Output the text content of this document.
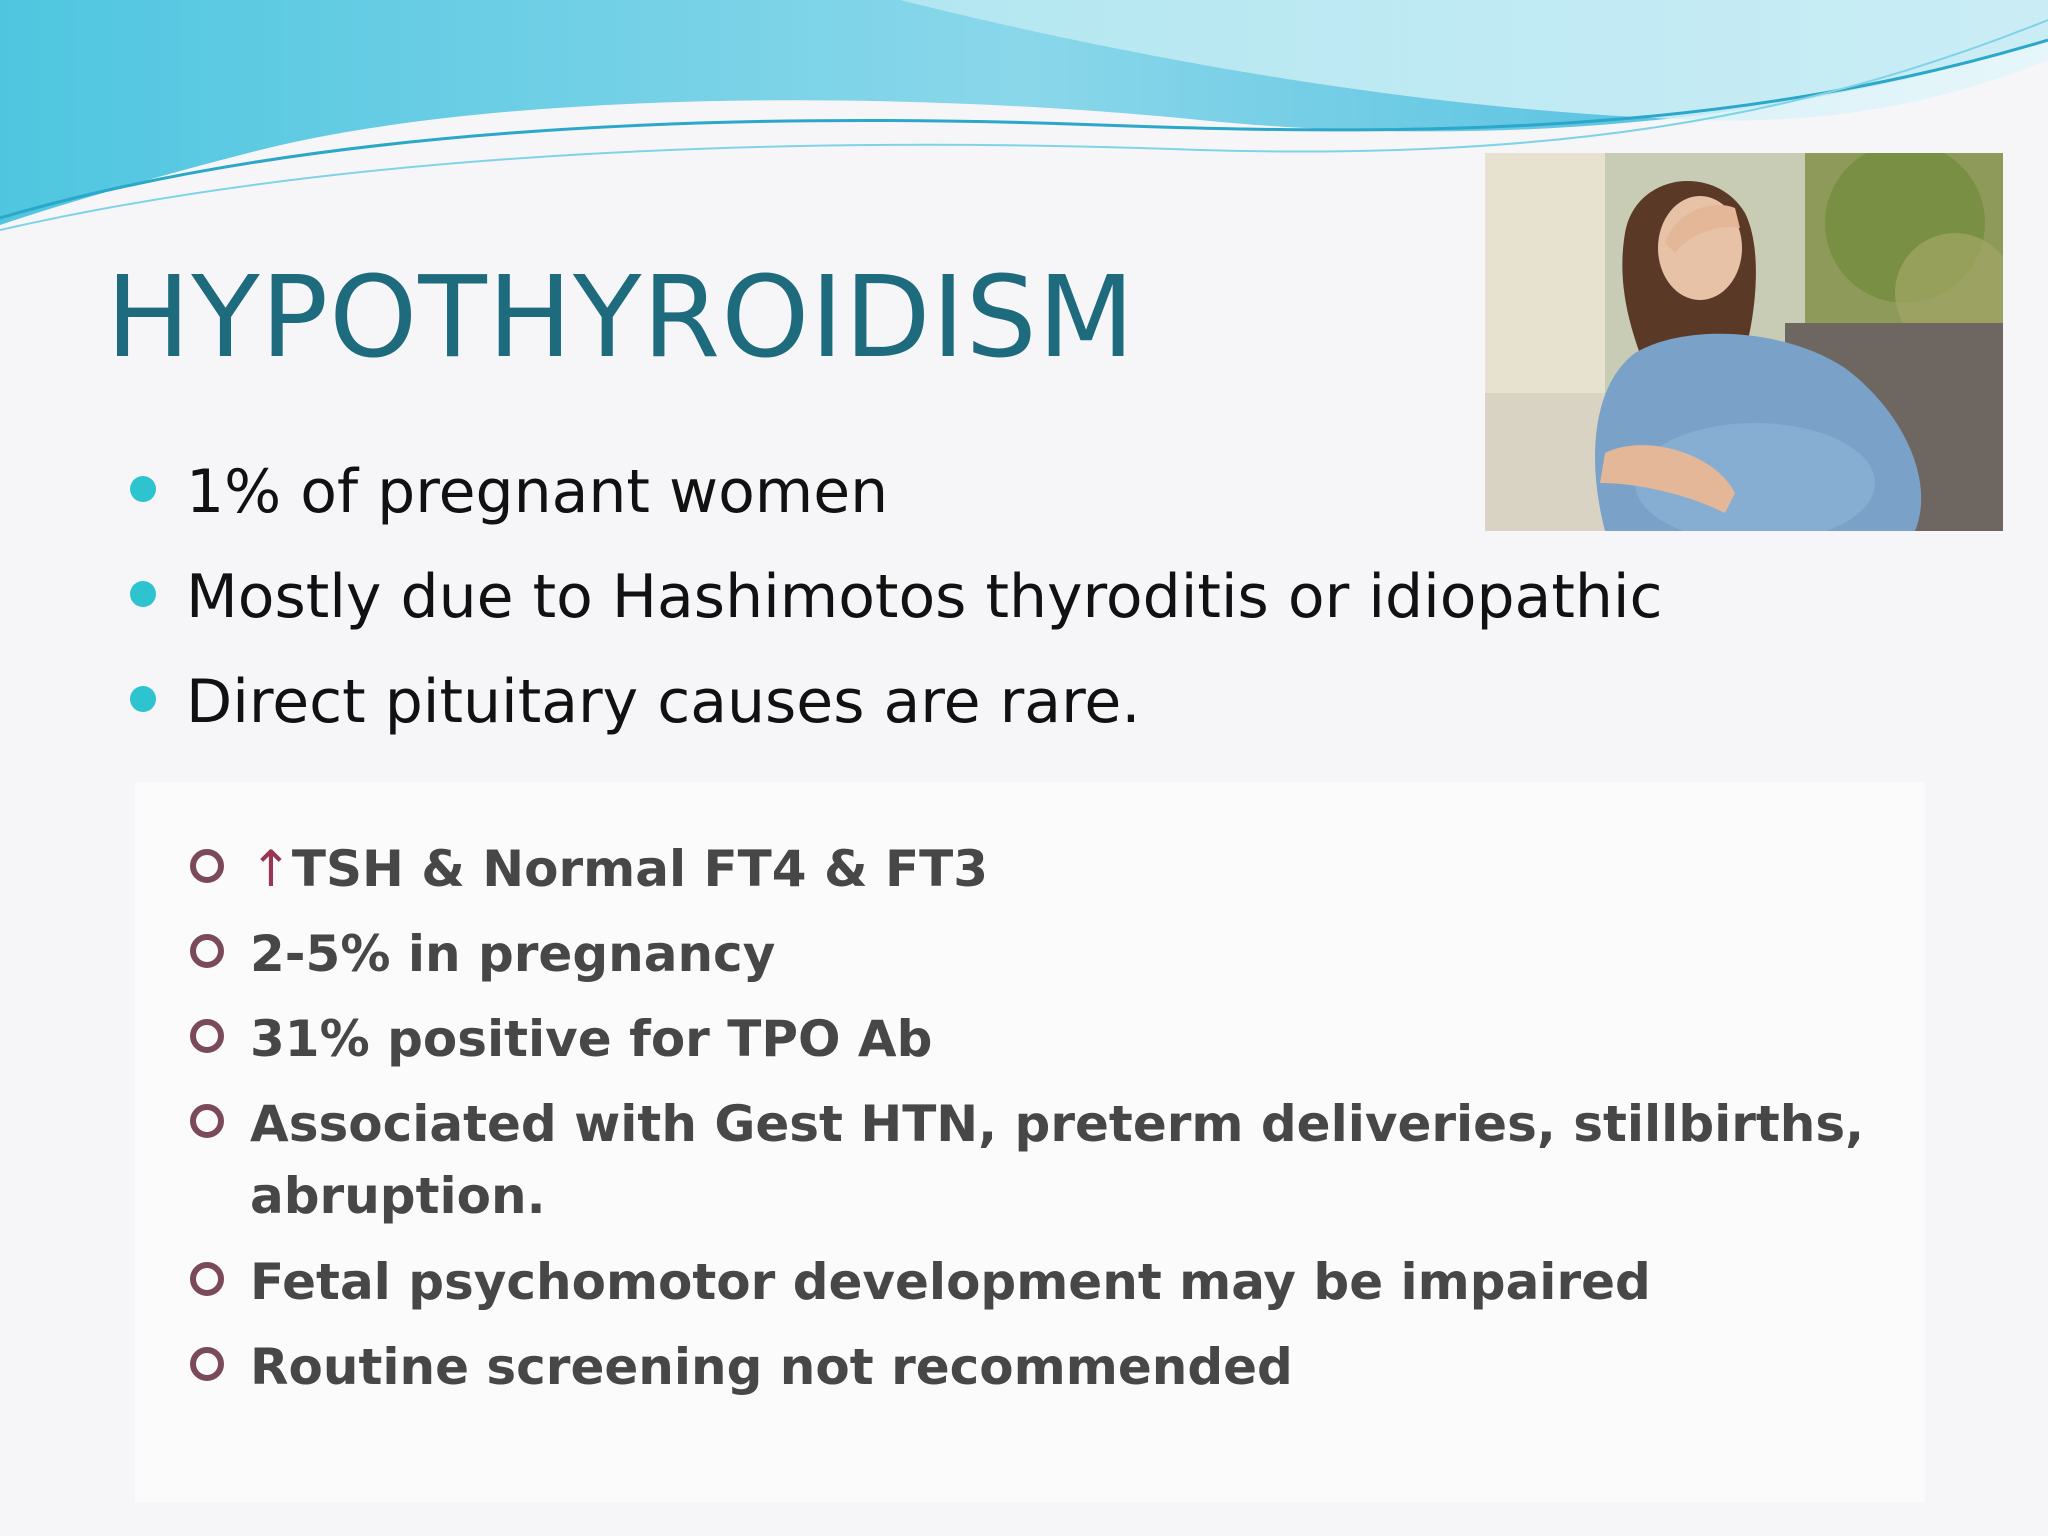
HYPOTHYROIDISM
1% of pregnant women
Mostly due to Hashimotos thyroditis or idiopathic
Direct pituitary causes are rare.
↑TSH & Normal FT4 & FT3
2-5% in pregnancy
31% positive for TPO Ab
Associated with Gest HTN, preterm deliveries, stillbirths,
abruption.
Fetal psychomotor development may be impaired
Routine screening not recommended
